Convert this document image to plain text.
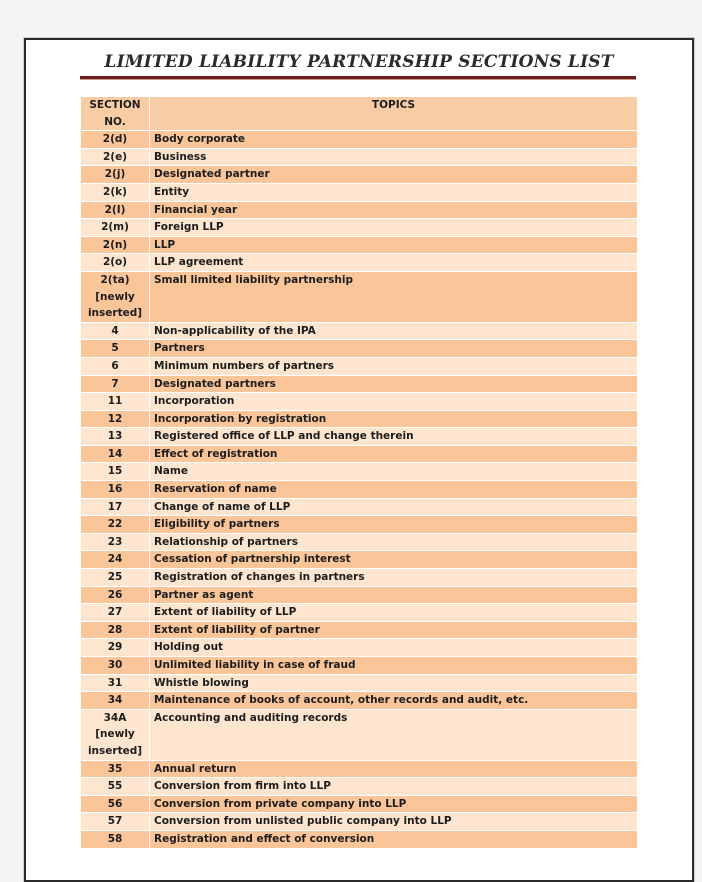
LIMITED LIABILITY PARTNERSHIP SECTIONS LIST
SECTION NO.	TOPICS
2(d)	Body corporate
2(e)	Business
2(j)	Designated partner
2(k)	Entity
2(I)	Financial year
2(m)	Foreign LLP
2(n)	LLP
2(o)	LLP agreement
2(ta) [newly inserted]	Small limited liability partnership
4	Non-applicability of the IPA
5	Partners
6	Minimum numbers of partners
7	Designated partners
11	Incorporation
12	Incorporation by registration
13	Registered office of LLP and change therein
14	Effect of registration
15	Name
16	Reservation of name
17	Change of name of LLP
22	Eligibility of partners
23	Relationship of partners
24	Cessation of partnership interest
25	Registration of changes in partners
26	Partner as agent
27	Extent of liability of LLP
28	Extent of liability of partner
29	Holding out
30	Unlimited liability in case of fraud
31	Whistle blowing
34	Maintenance of books of account, other records and audit, etc.
34A [newly inserted]	Accounting and auditing records
35	Annual return
55	Conversion from firm into LLP
56	Conversion from private company into LLP
57	Conversion from unlisted public company into LLP
58	Registration and effect of conversion
